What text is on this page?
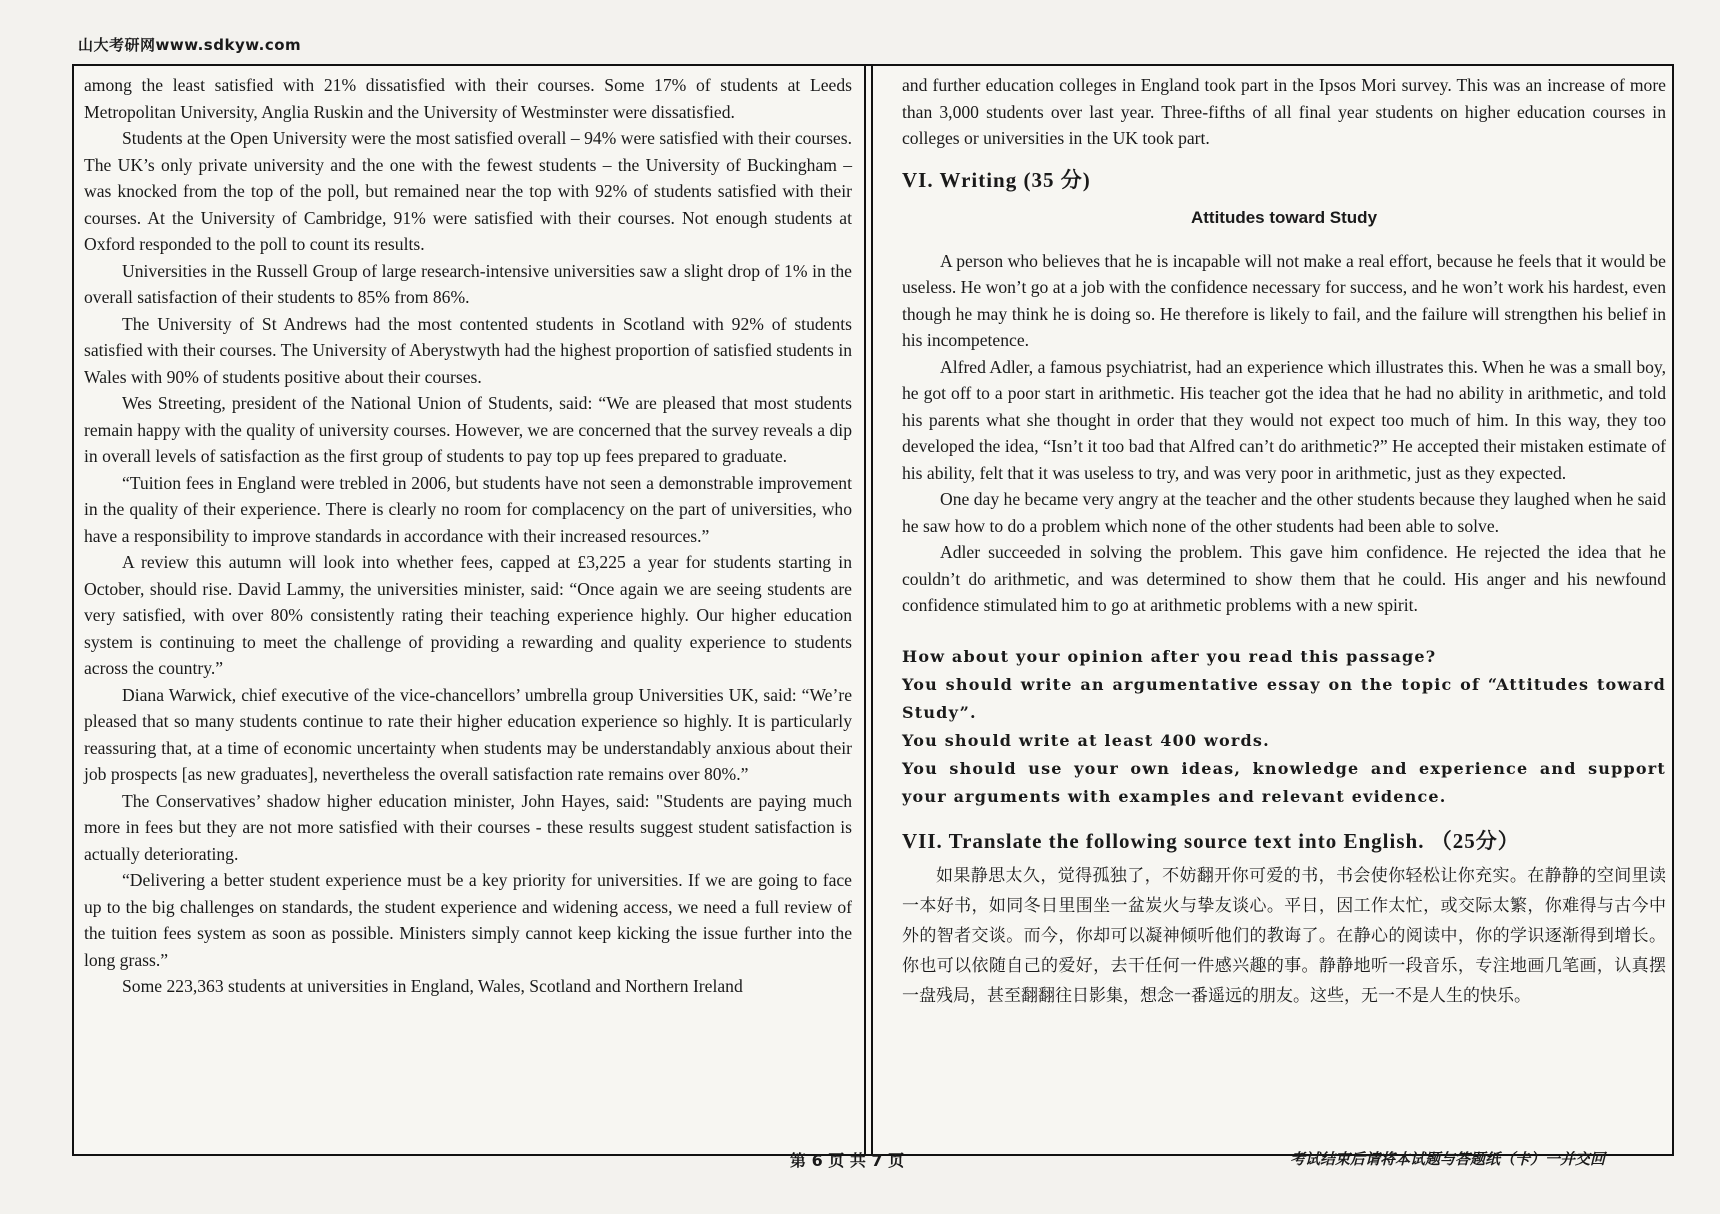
山大考研网www.sdkyw.com

among the least satisfied with 21% dissatisfied with their courses. Some 17% of students at Leeds Metropolitan University, Anglia Ruskin and the University of Westminster were dissatisfied.

Students at the Open University were the most satisfied overall – 94% were satisfied with their courses. The UK’s only private university and the one with the fewest students – the University of Buckingham – was knocked from the top of the poll, but remained near the top with 92% of students satisfied with their courses. At the University of Cambridge, 91% were satisfied with their courses. Not enough students at Oxford responded to the poll to count its results.

Universities in the Russell Group of large research-intensive universities saw a slight drop of 1% in the overall satisfaction of their students to 85% from 86%.

The University of St Andrews had the most contented students in Scotland with 92% of students satisfied with their courses. The University of Aberystwyth had the highest proportion of satisfied students in Wales with 90% of students positive about their courses.

Wes Streeting, president of the National Union of Students, said: “We are pleased that most students remain happy with the quality of university courses. However, we are concerned that the survey reveals a dip in overall levels of satisfaction as the first group of students to pay top up fees prepared to graduate.

“Tuition fees in England were trebled in 2006, but students have not seen a demonstrable improvement in the quality of their experience. There is clearly no room for complacency on the part of universities, who have a responsibility to improve standards in accordance with their increased resources.”

A review this autumn will look into whether fees, capped at £3,225 a year for students starting in October, should rise. David Lammy, the universities minister, said: “Once again we are seeing students are very satisfied, with over 80% consistently rating their teaching experience highly. Our higher education system is continuing to meet the challenge of providing a rewarding and quality experience to students across the country.”

Diana Warwick, chief executive of the vice-chancellors’ umbrella group Universities UK, said: “We’re pleased that so many students continue to rate their higher education experience so highly. It is particularly reassuring that, at a time of economic uncertainty when students may be understandably anxious about their job prospects [as new graduates], nevertheless the overall satisfaction rate remains over 80%.”

The Conservatives’ shadow higher education minister, John Hayes, said: "Students are paying much more in fees but they are not more satisfied with their courses - these results suggest student satisfaction is actually deteriorating.

“Delivering a better student experience must be a key priority for universities. If we are going to face up to the big challenges on standards, the student experience and widening access, we need a full review of the tuition fees system as soon as possible. Ministers simply cannot keep kicking the issue further into the long grass.”

Some 223,363 students at universities in England, Wales, Scotland and Northern Ireland

and further education colleges in England took part in the Ipsos Mori survey. This was an increase of more than 3,000 students over last year. Three-fifths of all final year students on higher education courses in colleges or universities in the UK took part.

VI. Writing (35 分)
Attitudes toward Study

A person who believes that he is incapable will not make a real effort, because he feels that it would be useless. He won’t go at a job with the confidence necessary for success, and he won’t work his hardest, even though he may think he is doing so. He therefore is likely to fail, and the failure will strengthen his belief in his incompetence.

Alfred Adler, a famous psychiatrist, had an experience which illustrates this. When he was a small boy, he got off to a poor start in arithmetic. His teacher got the idea that he had no ability in arithmetic, and told his parents what she thought in order that they would not expect too much of him. In this way, they too developed the idea, “Isn’t it too bad that Alfred can’t do arithmetic?” He accepted their mistaken estimate of his ability, felt that it was useless to try, and was very poor in arithmetic, just as they expected.

One day he became very angry at the teacher and the other students because they laughed when he said he saw how to do a problem which none of the other students had been able to solve.

Adler succeeded in solving the problem. This gave him confidence. He rejected the idea that he couldn’t do arithmetic, and was determined to show them that he could. His anger and his newfound confidence stimulated him to go at arithmetic problems with a new spirit.

How about your opinion after you read this passage?
You should write an argumentative essay on the topic of “Attitudes toward Study”.
You should write at least 400 words.
You should use your own ideas, knowledge and experience and support your arguments with examples and relevant evidence.
VII. Translate the following source text into English. （25分）

如果静思太久，觉得孤独了，不妨翻开你可爱的书，书会使你轻松让你充实。在静静的空间里读一本好书，如同冬日里围坐一盆炭火与挚友谈心。平日，因工作太忙，或交际太繁，你难得与古今中外的智者交谈。而今，你却可以凝神倾听他们的教诲了。在静心的阅读中，你的学识逐渐得到增长。你也可以依随自己的爱好，去干任何一件感兴趣的事。静静地听一段音乐，专注地画几笔画，认真摆一盘残局，甚至翻翻往日影集，想念一番遥远的朋友。这些，无一不是人生的快乐。

第 6 页 共 7 页	考试结束后请将本试题与答题纸（卡）一并交回
